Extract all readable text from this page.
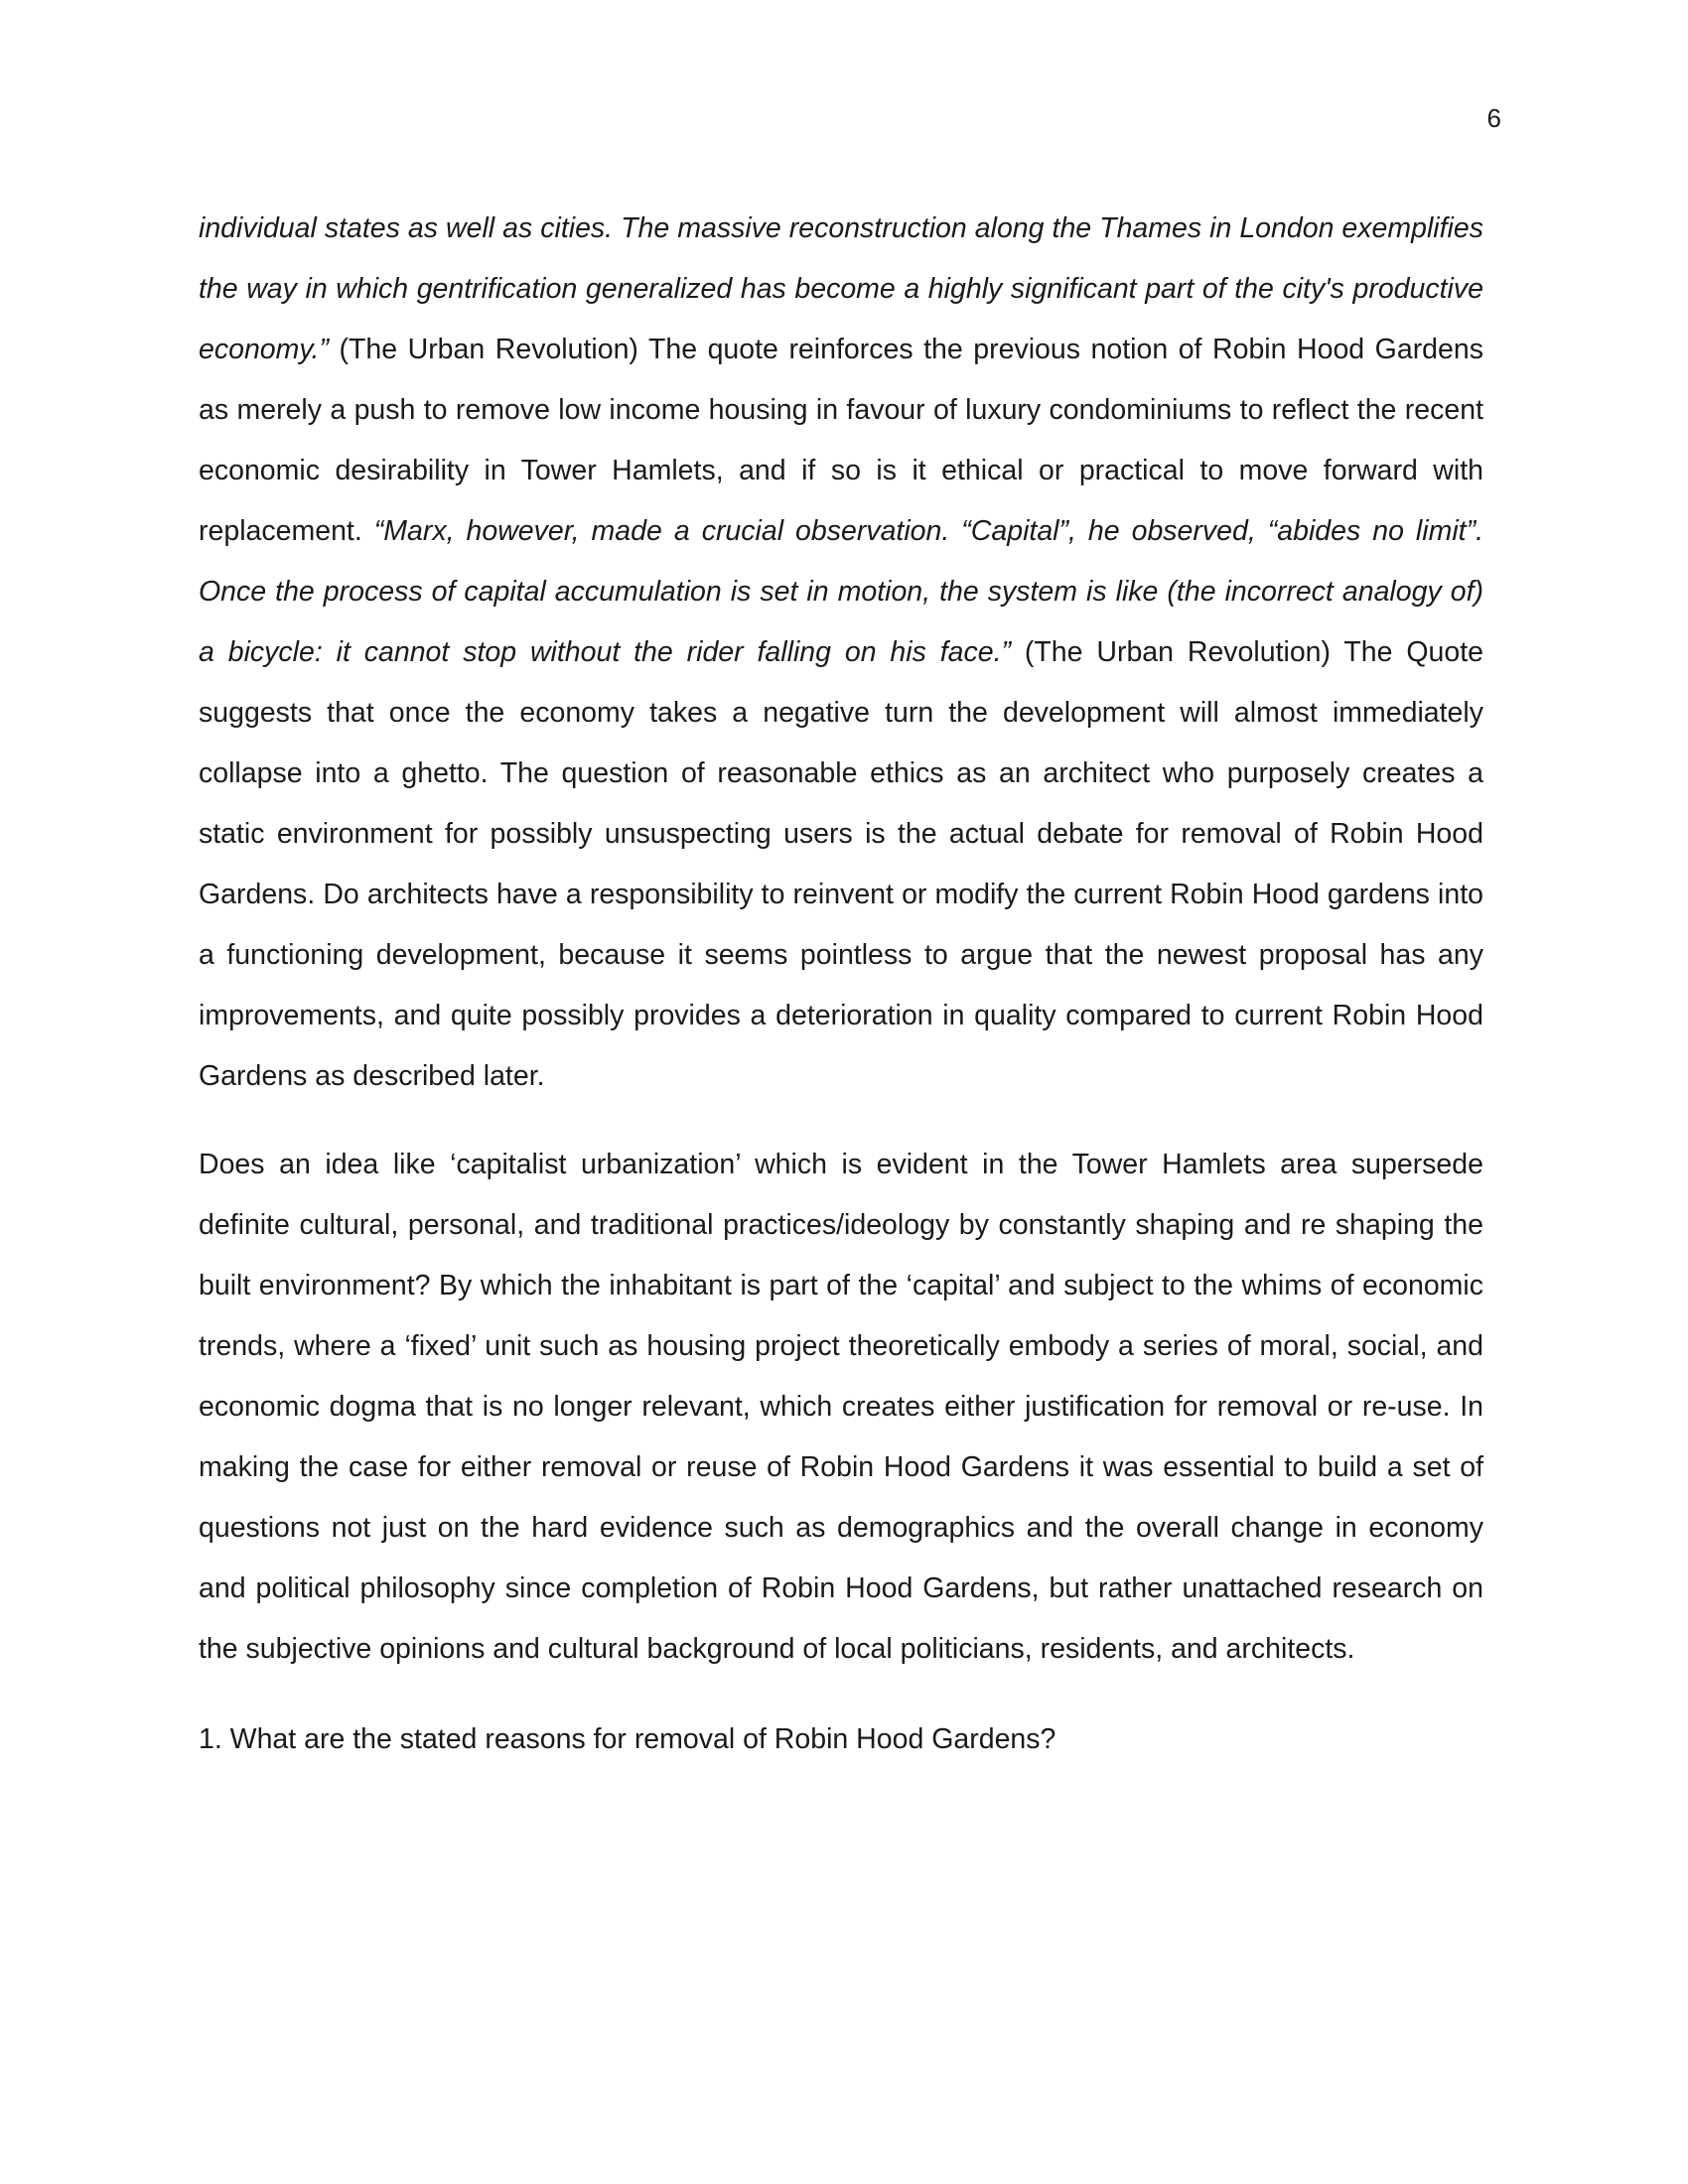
6

individual states as well as cities. The massive reconstruction along the Thames in London exemplifies the way in which gentrification generalized has become a highly significant part of the city's productive economy.” (The Urban Revolution) The quote reinforces the previous notion of Robin Hood Gardens as merely a push to remove low income housing in favour of luxury condominiums to reflect the recent economic desirability in Tower Hamlets, and if so is it ethical or practical to move forward with replacement. “Marx, however, made a crucial observation. “Capital”, he observed, “abides no limit”. Once the process of capital accumulation is set in motion, the system is like (the incorrect analogy of) a bicycle: it cannot stop without the rider falling on his face.” (The Urban Revolution) The Quote suggests that once the economy takes a negative turn the development will almost immediately collapse into a ghetto. The question of reasonable ethics as an architect who purposely creates a static environment for possibly unsuspecting users is the actual debate for removal of Robin Hood Gardens. Do architects have a responsibility to reinvent or modify the current Robin Hood gardens into a functioning development, because it seems pointless to argue that the newest proposal has any improvements, and quite possibly provides a deterioration in quality compared to current Robin Hood Gardens as described later.

Does an idea like ‘capitalist urbanization’ which is evident in the Tower Hamlets area supersede definite cultural, personal, and traditional practices/ideology by constantly shaping and re shaping the built environment? By which the inhabitant is part of the ‘capital’ and subject to the whims of economic trends, where a ‘fixed’ unit such as housing project theoretically embody a series of moral, social, and economic dogma that is no longer relevant, which creates either justification for removal or re-use. In making the case for either removal or reuse of Robin Hood Gardens it was essential to build a set of questions not just on the hard evidence such as demographics and the overall change in economy and political philosophy since completion of Robin Hood Gardens, but rather unattached research on the subjective opinions and cultural background of local politicians, residents, and architects.

1. What are the stated reasons for removal of Robin Hood Gardens?
